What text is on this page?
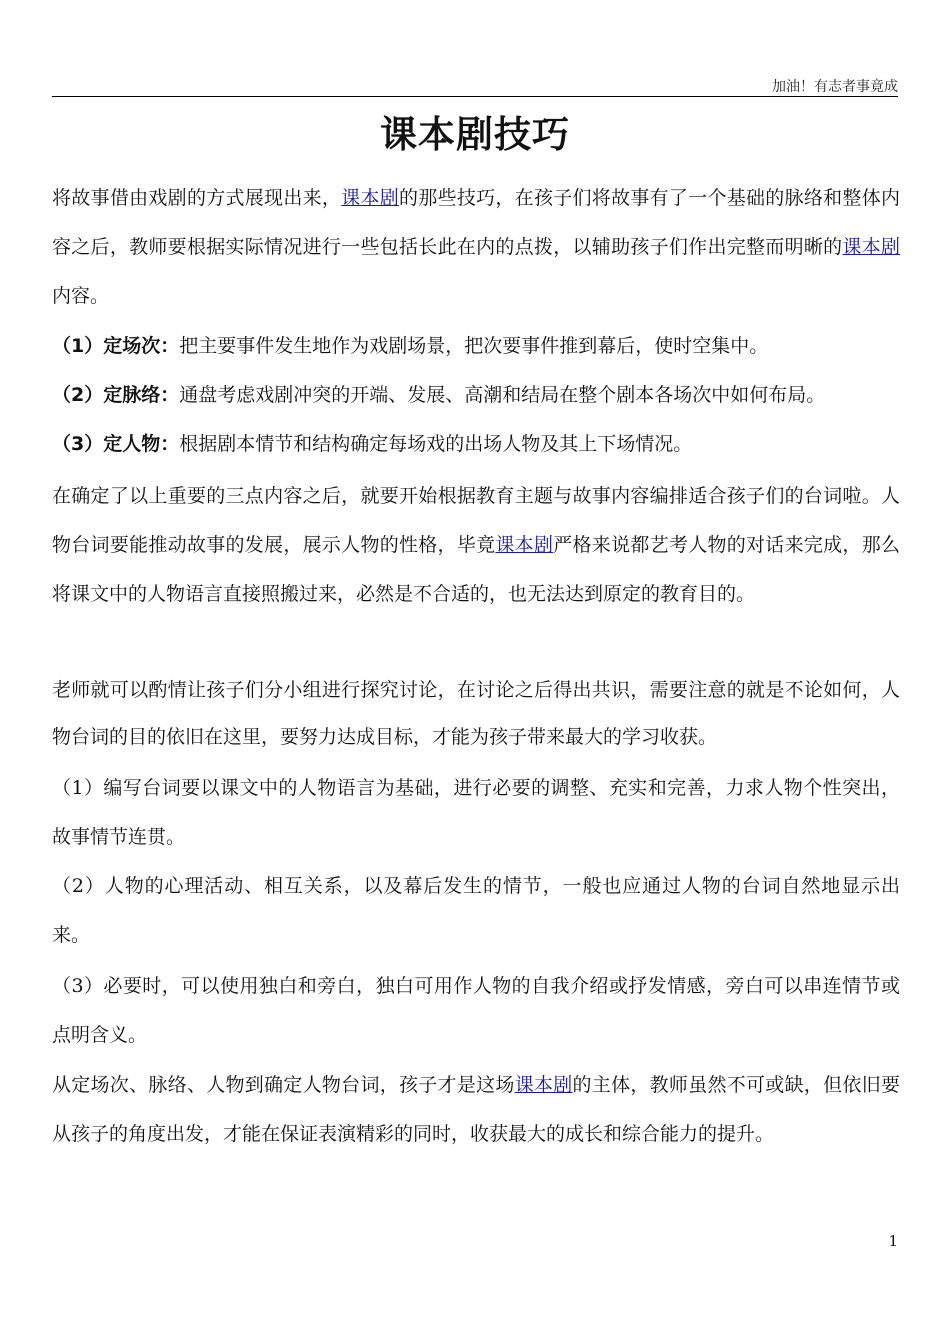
加油！有志者事竟成
课本剧技巧

将故事借由戏剧的方式展现出来，课本剧的那些技巧，在孩子们将故事有了一个基础的脉络和整体内容之后，教师要根据实际情况进行一些包括长此在内的点拨，以辅助孩子们作出完整而明晰的课本剧内容。

（1）定场次：把主要事件发生地作为戏剧场景，把次要事件推到幕后，使时空集中。

（2）定脉络：通盘考虑戏剧冲突的开端、发展、高潮和结局在整个剧本各场次中如何布局。

（3）定人物：根据剧本情节和结构确定每场戏的出场人物及其上下场情况。

在确定了以上重要的三点内容之后，就要开始根据教育主题与故事内容编排适合孩子们的台词啦。人物台词要能推动故事的发展，展示人物的性格，毕竟课本剧严格来说都艺考人物的对话来完成，那么将课文中的人物语言直接照搬过来，必然是不合适的，也无法达到原定的教育目的。

老师就可以酌情让孩子们分小组进行探究讨论，在讨论之后得出共识，需要注意的就是不论如何，人物台词的目的依旧在这里，要努力达成目标，才能为孩子带来最大的学习收获。

（1）编写台词要以课文中的人物语言为基础，进行必要的调整、充实和完善，力求人物个性突出，故事情节连贯。

（2）人物的心理活动、相互关系，以及幕后发生的情节，一般也应通过人物的台词自然地显示出来。

（3）必要时，可以使用独白和旁白，独白可用作人物的自我介绍或抒发情感，旁白可以串连情节或点明含义。

从定场次、脉络、人物到确定人物台词，孩子才是这场课本剧的主体，教师虽然不可或缺，但依旧要从孩子的角度出发，才能在保证表演精彩的同时，收获最大的成长和综合能力的提升。

1
